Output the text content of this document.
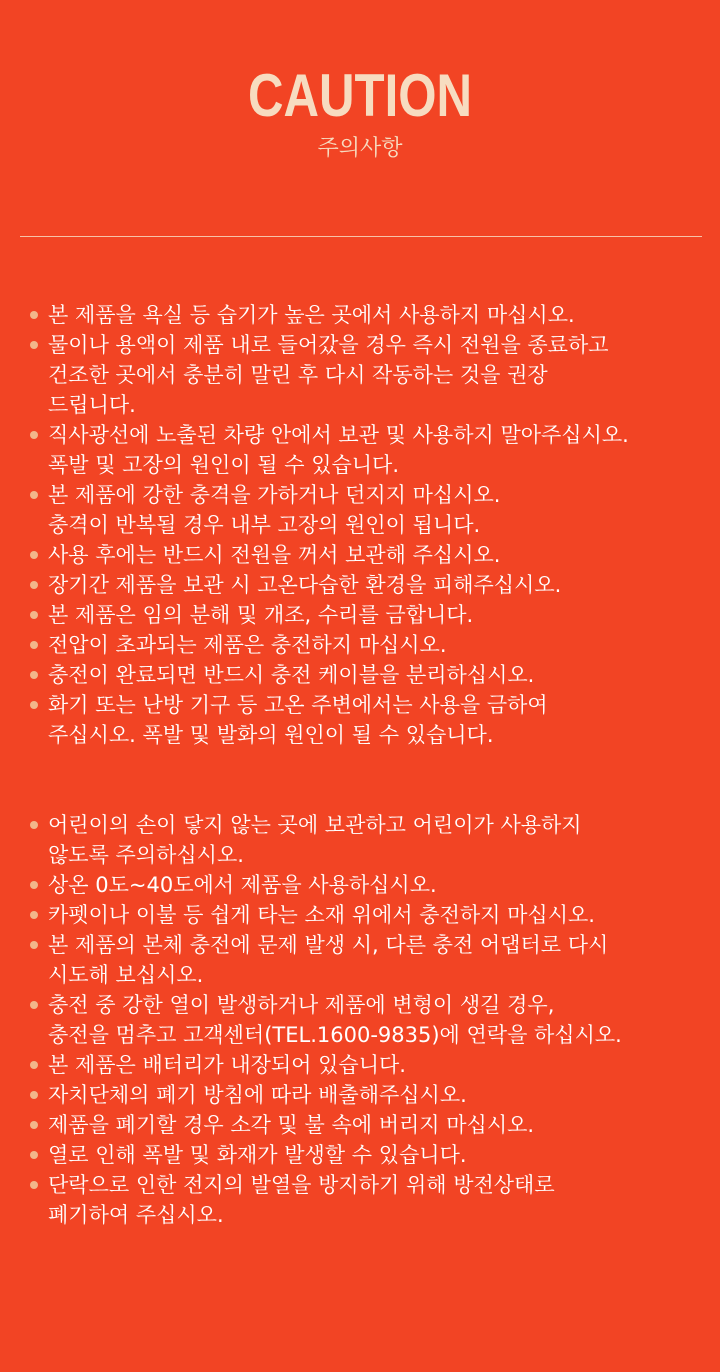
CAUTION
주의사항
본 제품을 욕실 등 습기가 높은 곳에서 사용하지 마십시오.
물이나 용액이 제품 내로 들어갔을 경우 즉시 전원을 종료하고
건조한 곳에서 충분히 말린 후 다시 작동하는 것을 권장
드립니다.
직사광선에 노출된 차량 안에서 보관 및 사용하지 말아주십시오.
폭발 및 고장의 원인이 될 수 있습니다.
본 제품에 강한 충격을 가하거나 던지지 마십시오.
충격이 반복될 경우 내부 고장의 원인이 됩니다.
사용 후에는 반드시 전원을 꺼서 보관해 주십시오.
장기간 제품을 보관 시 고온다습한 환경을 피해주십시오.
본 제품은 임의 분해 및 개조, 수리를 금합니다.
전압이 초과되는 제품은 충전하지 마십시오.
충전이 완료되면 반드시 충전 케이블을 분리하십시오.
화기 또는 난방 기구 등 고온 주변에서는 사용을 금하여
주십시오. 폭발 및 발화의 원인이 될 수 있습니다.
어린이의 손이 닿지 않는 곳에 보관하고 어린이가 사용하지
않도록 주의하십시오.
상온 0도~40도에서 제품을 사용하십시오.
카펫이나 이불 등 쉽게 타는 소재 위에서 충전하지 마십시오.
본 제품의 본체 충전에 문제 발생 시, 다른 충전 어댑터로 다시
시도해 보십시오.
충전 중 강한 열이 발생하거나 제품에 변형이 생길 경우,
충전을 멈추고 고객센터(TEL.1600-9835)에 연락을 하십시오.
본 제품은 배터리가 내장되어 있습니다.
자치단체의 폐기 방침에 따라 배출해주십시오.
제품을 폐기할 경우 소각 및 불 속에 버리지 마십시오.
열로 인해 폭발 및 화재가 발생할 수 있습니다.
단락으로 인한 전지의 발열을 방지하기 위해 방전상태로
폐기하여 주십시오.
